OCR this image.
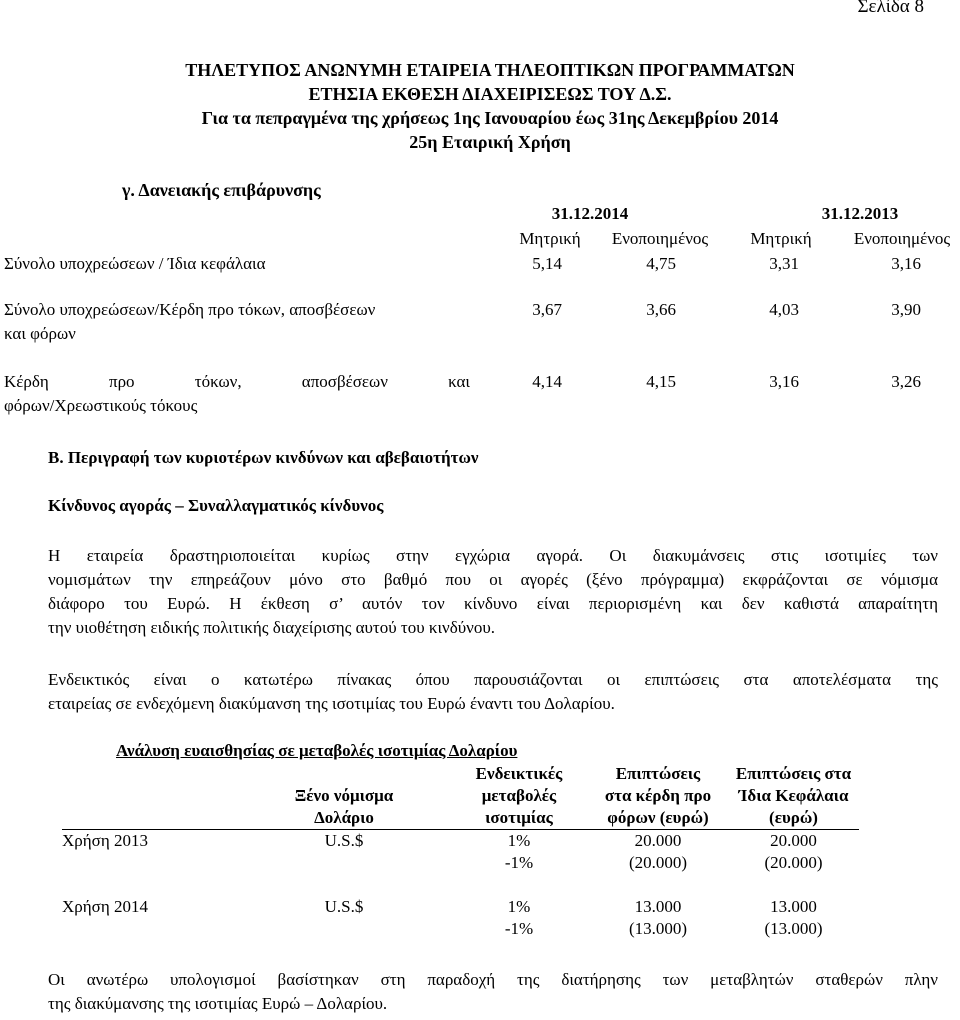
Σελίδα 8
ΤΗΛΕΤΥΠΟΣ ΑΝΩΝΥΜΗ ΕΤΑΙΡΕΙΑ ΤΗΛΕΟΠΤΙΚΩΝ ΠΡΟΓΡΑΜΜΑΤΩΝ
ΕΤΗΣΙΑ ΕΚΘΕΣΗ ΔΙΑΧΕΙΡΙΣΕΩΣ ΤΟΥ Δ.Σ.
Για τα πεπραγμένα της χρήσεως 1ης Ιανουαρίου έως 31ης Δεκεμβρίου 2014
25η Εταιρική Χρήση
γ. Δανειακής επιβάρυνσης
31.12.2014	31.12.2013
Μητρική	Ενοποιημένος	Μητρική	Ενοποιημένος
Σύνολο υποχρεώσεων / Ίδια κεφάλαια	5,14	4,75	3,31	3,16
Σύνολο υποχρεώσεων/Κέρδη προ τόκων, αποσβέσεων
και φόρων
3,67	3,66	4,03	3,90
Κέρδη προ τόκων, αποσβέσεων και
φόρων/Χρεωστικούς τόκους
4,14	4,15	3,16	3,26
Β. Περιγραφή των κυριοτέρων κινδύνων και αβεβαιοτήτων
Κίνδυνος αγοράς – Συναλλαγματικός κίνδυνος
Η εταιρεία δραστηριοποιείται κυρίως στην εγχώρια αγορά. Οι διακυμάνσεις στις ισοτιμίες των
νομισμάτων την επηρεάζουν μόνο στο βαθμό που οι αγορές (ξένο πρόγραμμα) εκφράζονται σε νόμισμα
διάφορο του Ευρώ. Η έκθεση σ’ αυτόν τον κίνδυνο είναι περιορισμένη και δεν καθιστά απαραίτητη
την υιοθέτηση ειδικής πολιτικής διαχείρισης αυτού του κινδύνου.
Ενδεικτικός είναι ο κατωτέρω πίνακας όπου παρουσιάζονται οι επιπτώσεις στα αποτελέσματα της
εταιρείας σε ενδεχόμενη διακύμανση της ισοτιμίας του Ευρώ έναντι του Δολαρίου.
Ανάλυση ευαισθησίας σε μεταβολές ισοτιμίας Δολαρίου
		Ενδεικτικές	Επιπτώσεις	Επιπτώσεις στα
	Ξένο νόμισμα	μεταβολές	στα κέρδη προ	Ίδια Κεφάλαια
	Δολάριο	ισοτιμίας	φόρων (ευρώ)	(ευρώ)
Χρήση 2013	U.S.$	1%	20.000	20.000
		-1%	(20.000)	(20.000)

Χρήση 2014	U.S.$	1%	13.000	13.000
		-1%	(13.000)	(13.000)
Οι ανωτέρω υπολογισμοί βασίστηκαν στη παραδοχή της διατήρησης των μεταβλητών σταθερών πλην
της διακύμανσης της ισοτιμίας Ευρώ – Δολαρίου.
